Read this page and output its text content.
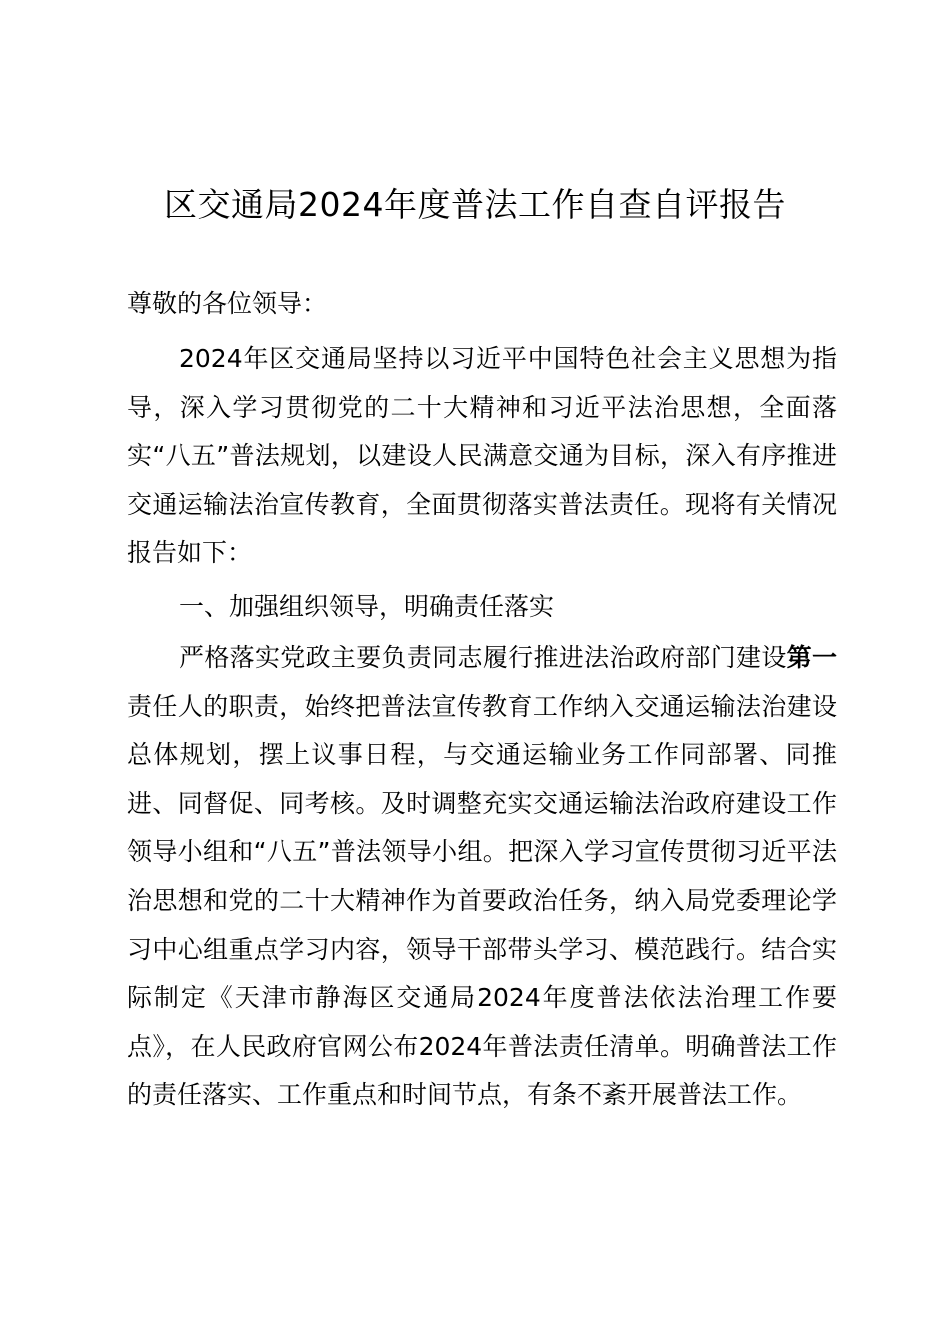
区交通局2024年度普法工作自查自评报告
尊敬的各位领导：
2024年区交通局坚持以习近平中国特色社会主义思想为指导，深入学习贯彻党的二十大精神和习近平法治思想，全面落实“八五”普法规划，以建设人民满意交通为目标，深入有序推进交通运输法治宣传教育，全面贯彻落实普法责任。现将有关情况报告如下：
一、加强组织领导，明确责任落实
严格落实党政主要负责同志履行推进法治政府部门建设第一责任人的职责，始终把普法宣传教育工作纳入交通运输法治建设总体规划，摆上议事日程，与交通运输业务工作同部署、同推进、同督促、同考核。及时调整充实交通运输法治政府建设工作领导小组和“八五”普法领导小组。把深入学习宣传贯彻习近平法治思想和党的二十大精神作为首要政治任务，纳入局党委理论学习中心组重点学习内容，领导干部带头学习、模范践行。结合实际制定《天津市静海区交通局2024年度普法依法治理工作要点》，在人民政府官网公布2024年普法责任清单。明确普法工作的责任落实、工作重点和时间节点，有条不紊开展普法工作。
